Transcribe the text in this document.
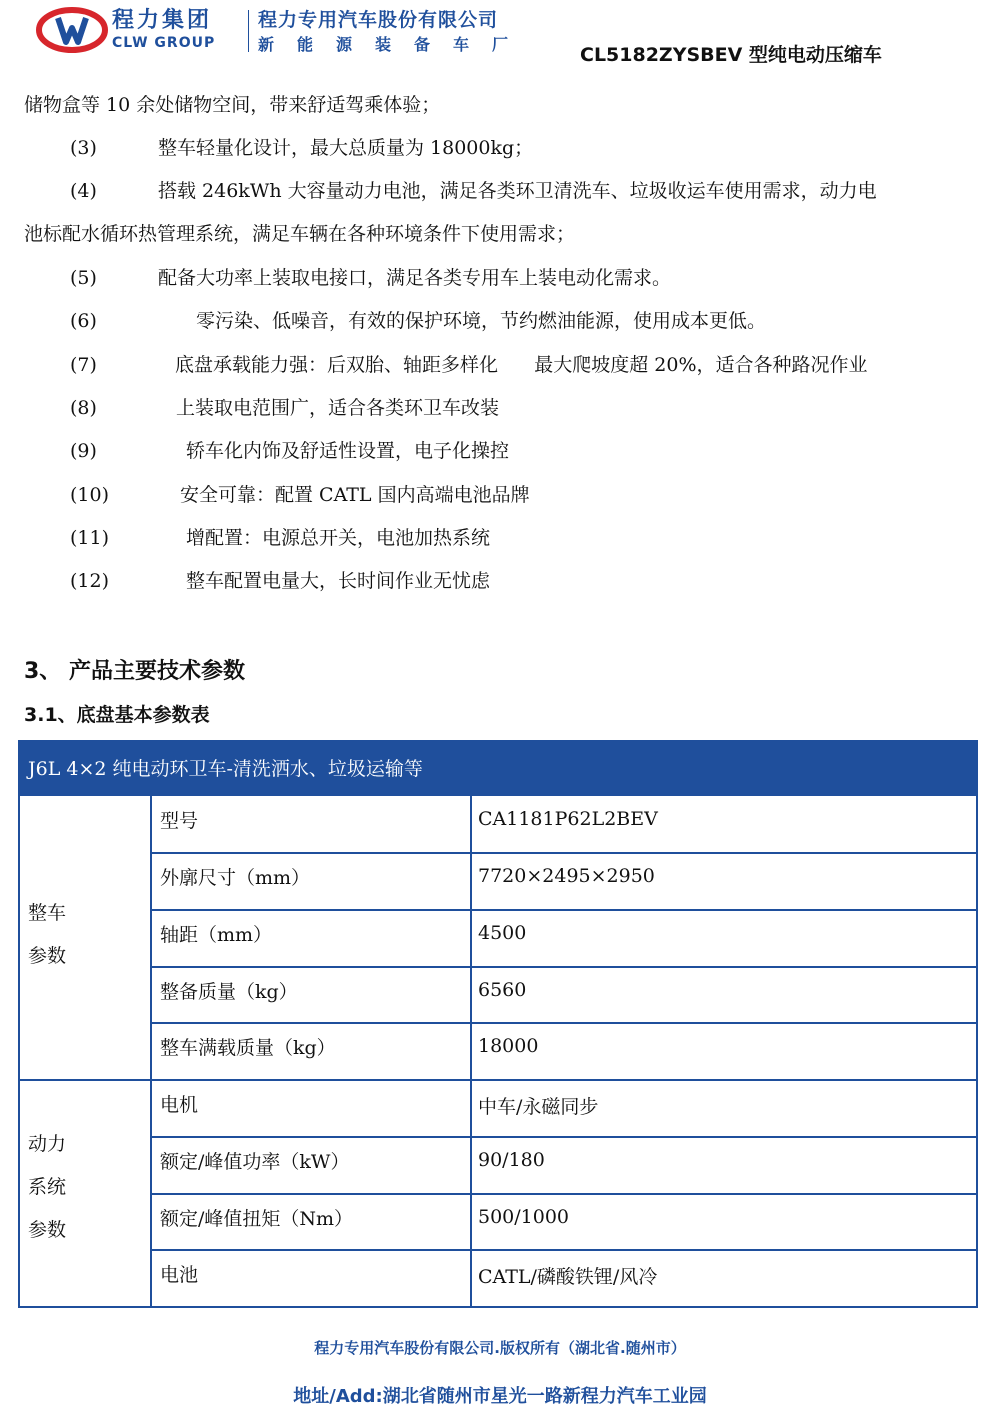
程力集团
CLW GROUP
程力专用汽车股份有限公司
新能源装备车厂	CL5182ZYSBEV 型纯电动压缩车
储物盒等 10 余处储物空间，带来舒适驾乘体验；
(3)	整车轻量化设计，最大总质量为 18000kg；
(4)	搭载 246kWh 大容量动力电池，满足各类环卫清洗车、垃圾收运车使用需求，动力电
池标配水循环热管理系统，满足车辆在各种环境条件下使用需求；
(5)	配备大功率上装取电接口，满足各类专用车上装电动化需求。
(6)	零污染、低噪音，有效的保护环境，节约燃油能源，使用成本更低。
(7)	底盘承载能力强：后双胎、轴距多样化      最大爬坡度超 20%，适合各种路况作业
(8)	上装取电范围广，适合各类环卫车改装
(9)	轿车化内饰及舒适性设置，电子化操控
(10)	安全可靠：配置 CATL 国内高端电池品牌
(11)	增配置：电源总开关，电池加热系统
(12)	整车配置电量大，长时间作业无忧虑
3、 产品主要技术参数
3.1、底盘基本参数表
J6L 4×2 纯电动环卫车-清洗洒水、垃圾运输等
整车
参数
型号	CA1181P62L2BEV
外廓尺寸（mm）	7720×2495×2950
轴距（mm）	4500
整备质量（kg）	6560
整车满载质量（kg）	18000
动力
系统
参数
电机	中车/永磁同步
额定/峰值功率（kW）	90/180
额定/峰值扭矩（Nm）	500/1000
电池	CATL/磷酸铁锂/风冷
程力专用汽车股份有限公司.版权所有（湖北省.随州市）
地址/Add:湖北省随州市星光一路新程力汽车工业园
